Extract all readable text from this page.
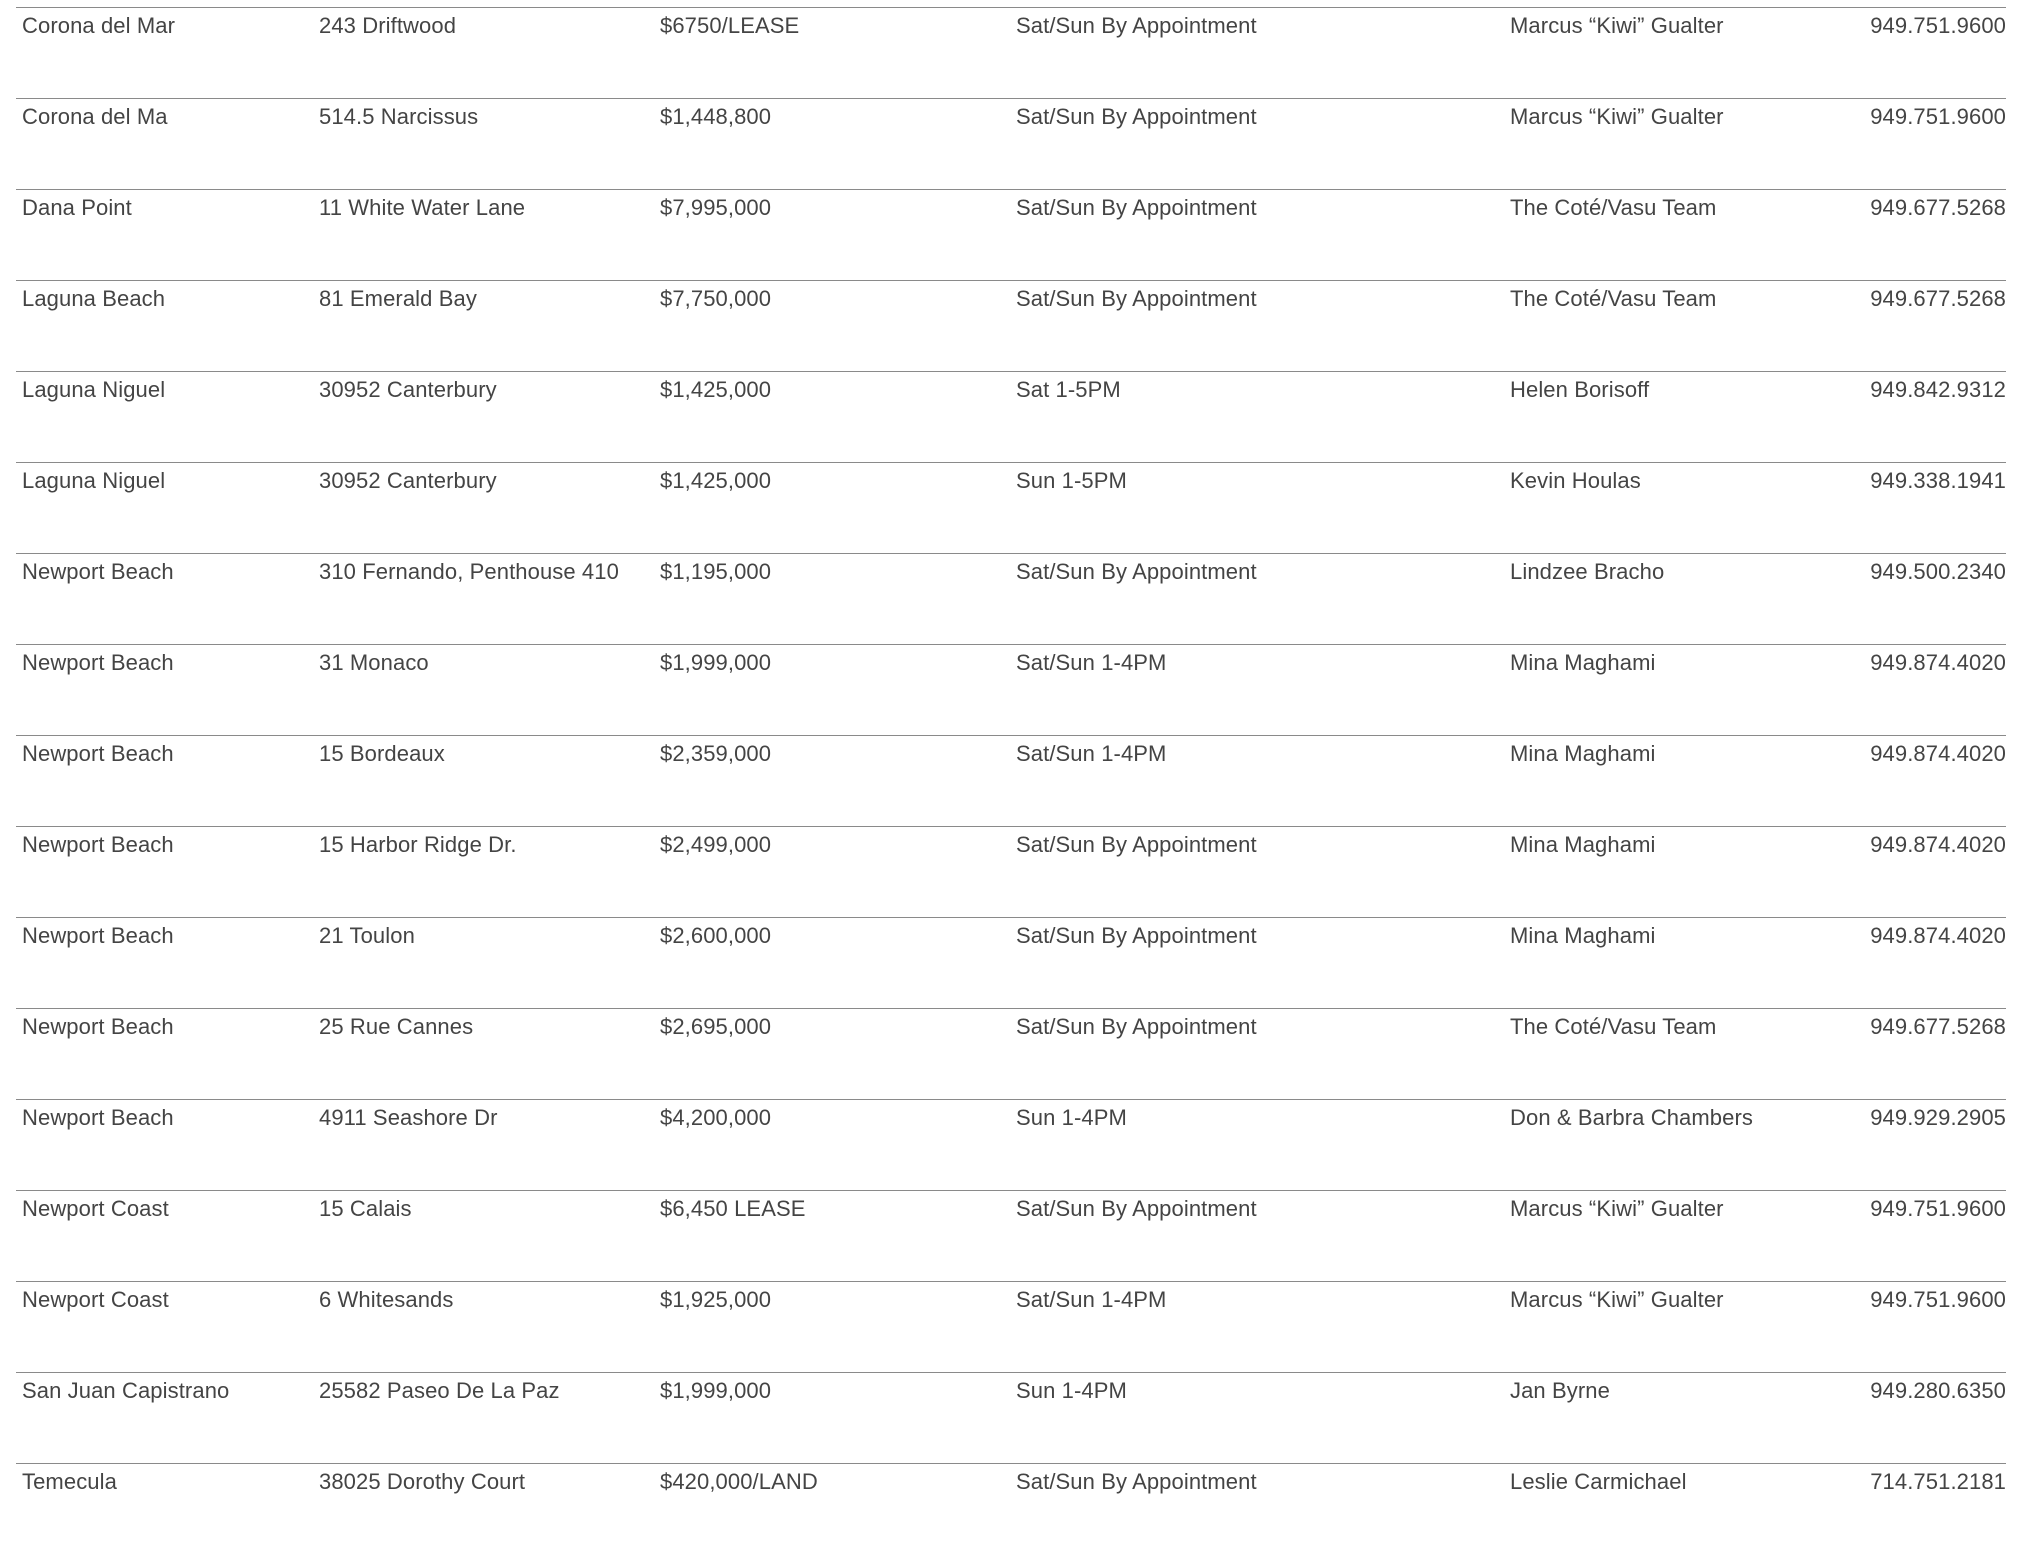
Corona del Mar	243 Driftwood	$6750/LEASE	Sat/Sun By Appointment	Marcus “Kiwi” Gualter	949.751.9600
Corona del Ma	514.5 Narcissus	$1,448,800	Sat/Sun By Appointment	Marcus “Kiwi” Gualter	949.751.9600
Dana Point	11 White Water Lane	$7,995,000	Sat/Sun By Appointment	The Coté/Vasu Team	949.677.5268
Laguna Beach	81 Emerald Bay	$7,750,000	Sat/Sun By Appointment	The Coté/Vasu Team	949.677.5268
Laguna Niguel	30952 Canterbury	$1,425,000	Sat 1-5PM	Helen Borisoff	949.842.9312
Laguna Niguel	30952 Canterbury	$1,425,000	Sun 1-5PM	Kevin Houlas	949.338.1941
Newport Beach	310 Fernando, Penthouse 410 $1,195,000	Sat/Sun By Appointment	Lindzee Bracho	949.500.2340
Newport Beach	31 Monaco	$1,999,000	Sat/Sun 1-4PM	Mina Maghami	949.874.4020
Newport Beach	15 Bordeaux	$2,359,000	Sat/Sun 1-4PM	Mina Maghami	949.874.4020
Newport Beach	15 Harbor Ridge Dr.	$2,499,000	Sat/Sun By Appointment	Mina Maghami	949.874.4020
Newport Beach	21 Toulon	$2,600,000	Sat/Sun By Appointment	Mina Maghami	949.874.4020
Newport Beach	25 Rue Cannes	$2,695,000	Sat/Sun By Appointment	The Coté/Vasu Team	949.677.5268
Newport Beach	4911 Seashore Dr	$4,200,000	Sun 1-4PM	Don & Barbra Chambers	949.929.2905
Newport Coast	15 Calais	$6,450 LEASE	Sat/Sun By Appointment	Marcus “Kiwi” Gualter	949.751.9600
Newport Coast	6 Whitesands	$1,925,000	Sat/Sun 1-4PM	Marcus “Kiwi” Gualter	949.751.9600
San Juan Capistrano	25582 Paseo De La Paz	$1,999,000	Sun 1-4PM	Jan Byrne	949.280.6350
Temecula	38025 Dorothy Court	$420,000/LAND	Sat/Sun By Appointment	Leslie Carmichael	714.751.2181
